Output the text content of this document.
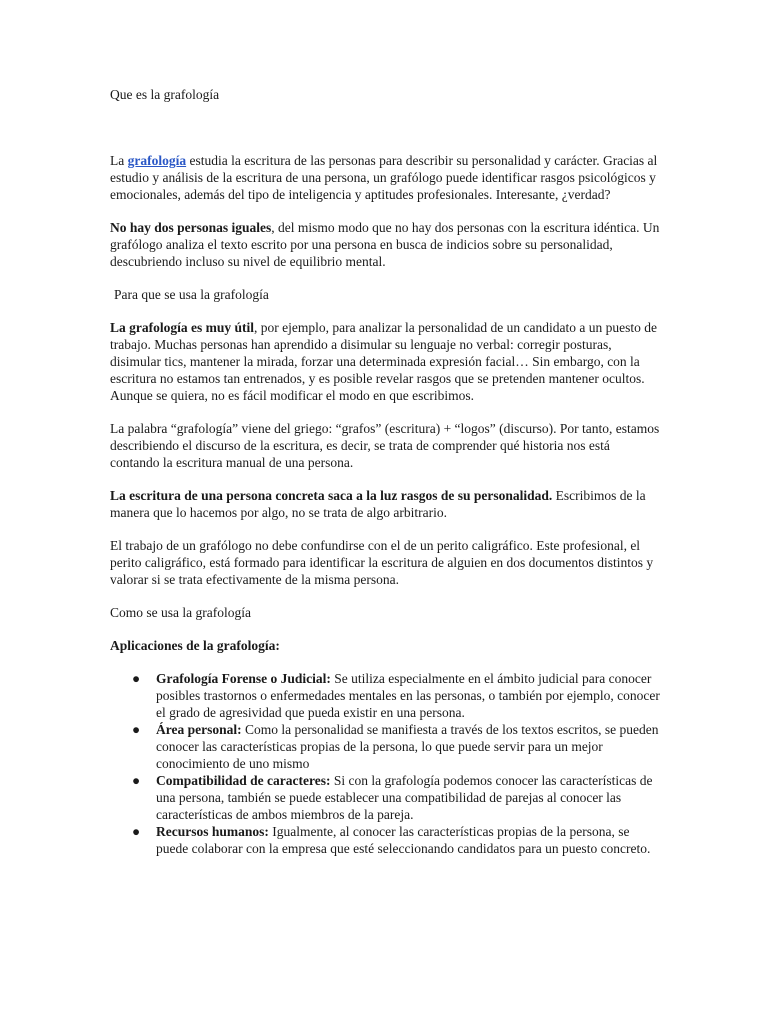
Que es la grafología

La grafología estudia la escritura de las personas para describir su personalidad y carácter. Gracias al estudio y análisis de la escritura de una persona, un grafólogo puede identificar rasgos psicológicos y emocionales, además del tipo de inteligencia y aptitudes profesionales. Interesante, ¿verdad?

No hay dos personas iguales, del mismo modo que no hay dos personas con la escritura idéntica. Un grafólogo analiza el texto escrito por una persona en busca de indicios sobre su personalidad, descubriendo incluso su nivel de equilibrio mental.

Para que se usa la grafología

La grafología es muy útil, por ejemplo, para analizar la personalidad de un candidato a un puesto de trabajo. Muchas personas han aprendido a disimular su lenguaje no verbal: corregir posturas, disimular tics, mantener la mirada, forzar una determinada expresión facial… Sin embargo, con la escritura no estamos tan entrenados, y es posible revelar rasgos que se pretenden mantener ocultos. Aunque se quiera, no es fácil modificar el modo en que escribimos.

La palabra “grafología” viene del griego: “grafos” (escritura) + “logos” (discurso). Por tanto, estamos describiendo el discurso de la escritura, es decir, se trata de comprender qué historia nos está contando la escritura manual de una persona.

La escritura de una persona concreta saca a la luz rasgos de su personalidad. Escribimos de la manera que lo hacemos por algo, no se trata de algo arbitrario.

El trabajo de un grafólogo no debe confundirse con el de un perito caligráfico. Este profesional, el perito caligráfico, está formado para identificar la escritura de alguien en dos documentos distintos y valorar si se trata efectivamente de la misma persona.

Como se usa la grafología

Aplicaciones de la grafología:

● Grafología Forense o Judicial: Se utiliza especialmente en el ámbito judicial para conocer posibles trastornos o enfermedades mentales en las personas, o también por ejemplo, conocer el grado de agresividad que pueda existir en una persona.
● Área personal: Como la personalidad se manifiesta a través de los textos escritos, se pueden conocer las características propias de la persona, lo que puede servir para un mejor conocimiento de uno mismo
● Compatibilidad de caracteres: Si con la grafología podemos conocer las características de una persona, también se puede establecer una compatibilidad de parejas al conocer las características de ambos miembros de la pareja.
● Recursos humanos: Igualmente, al conocer las características propias de la persona, se puede colaborar con la empresa que esté seleccionando candidatos para un puesto concreto.
